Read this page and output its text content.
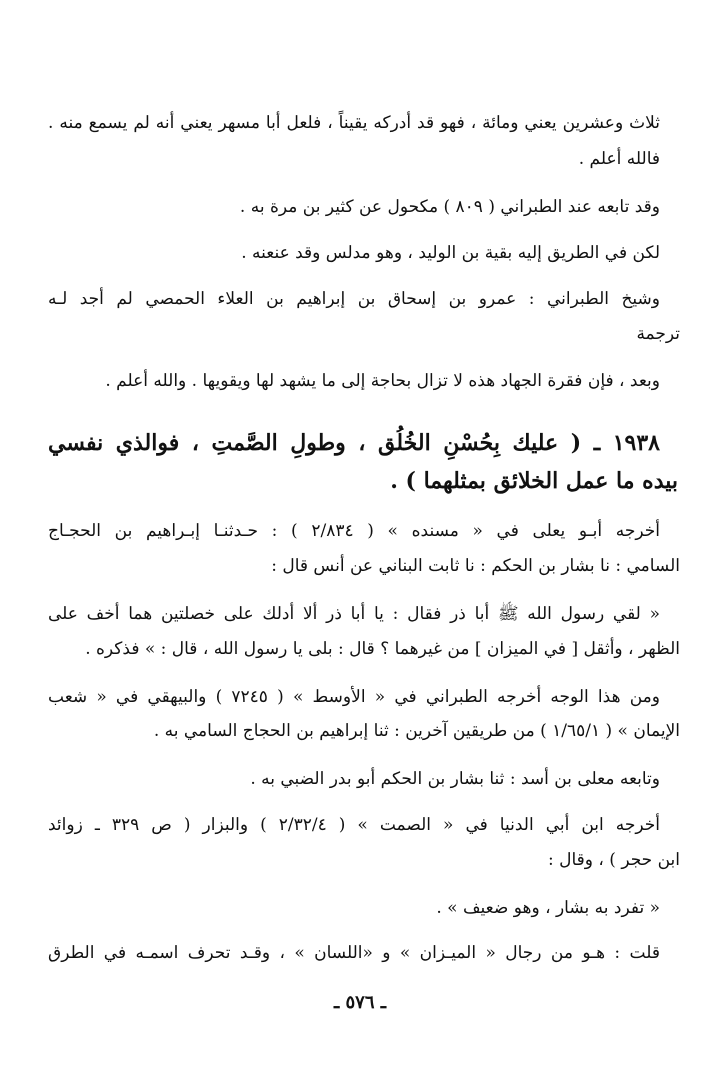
ثلاث وعشرين يعني ومائة ، فهو قد أدركه يقيناً ، فلعل أبا مسهر يعني أنه لم يسمع منه .
فالله أعلم .
وقد تابعه عند الطبراني ( ٨٠٩ ) مكحول عن كثير بن مرة به .
لكن في الطريق إليه بقية بن الوليد ، وهو مدلس وقد عنعنه .
وشيخ الطبراني : عمرو بن إسحاق بن إبراهيم بن العلاء الحمصي لم أجد لـه
ترجمة
وبعد ، فإن فقرة الجهاد هذه لا تزال بحاجة إلى ما يشهد لها ويقويها . والله أعلم .
١٩٣٨ ـ ( عليك بِحُسْنِ الخُلُق ، وطولِ الصَّمتِ ، فوالذي نفسي
بيده ما عمل الخلائق بمثلهما ) .
أخرجه أبـو يعلى في « مسنده » ( ٢/٨٣٤ ) : حـدثنـا إبـراهيم بن الحجـاج
السامي : نا بشار بن الحكم : نا ثابت البناني عن أنس قال :
« لقي رسول الله ﷺ أبا ذر فقال : يا أبا ذر ألا أدلك على خصلتين هما أخف على
الظهر ، وأثقل [ في الميزان ] من غيرهما ؟ قال : بلى يا رسول الله ، قال : » فذكره .
ومن هذا الوجه أخرجه الطبراني في « الأوسط » ( ٧٢٤٥ ) والبيهقي في « شعب
الإيمان » ( ١/٦٥/١ ) من طريقين آخرين : ثنا إبراهيم بن الحجاج السامي به .
وتابعه معلى بن أسد : ثنا بشار بن الحكم أبو بدر الضبي به .
أخرجه ابن أبي الدنيا في « الصمت » ( ٢/٣٢/٤ ) والبزار ( ص ٣٢٩ ـ زوائد
ابن حجر ) ، وقال :
« تفرد به بشار ، وهو ضعيف » .
قلت : هـو من رجال « الميـزان » و «اللسان » ، وقـد تحرف اسمـه في الطرق
ـ ٥٧٦ ـ
